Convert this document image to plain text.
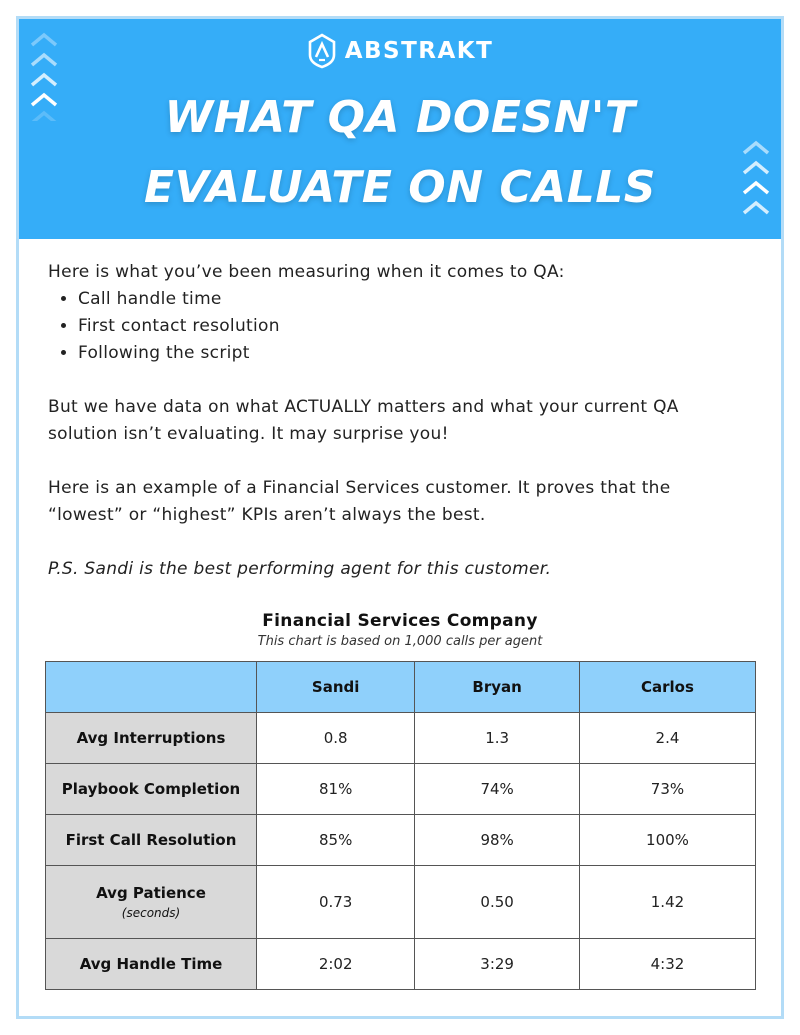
ABSTRAKT
WHAT QA DOESN'T
EVALUATE ON CALLS

Here is what you’ve been measuring when it comes to QA:

• Call handle time
• First contact resolution
• Following the script

But we have data on what ACTUALLY matters and what your current QA solution isn’t evaluating. It may surprise you!

Here is an example of a Financial Services customer. It proves that the “lowest” or “highest” KPIs aren’t always the best.

P.S. Sandi is the best performing agent for this customer.

Financial Services Company
This chart is based on 1,000 calls per agent
	Sandi	Bryan	Carlos
Avg Interruptions	0.8	1.3	2.4
Playbook Completion	81%	74%	73%
First Call Resolution	85%	98%	100%
Avg Patience
(seconds)	0.73	0.50	1.42
Avg Handle Time	2:02	3:29	4:32
